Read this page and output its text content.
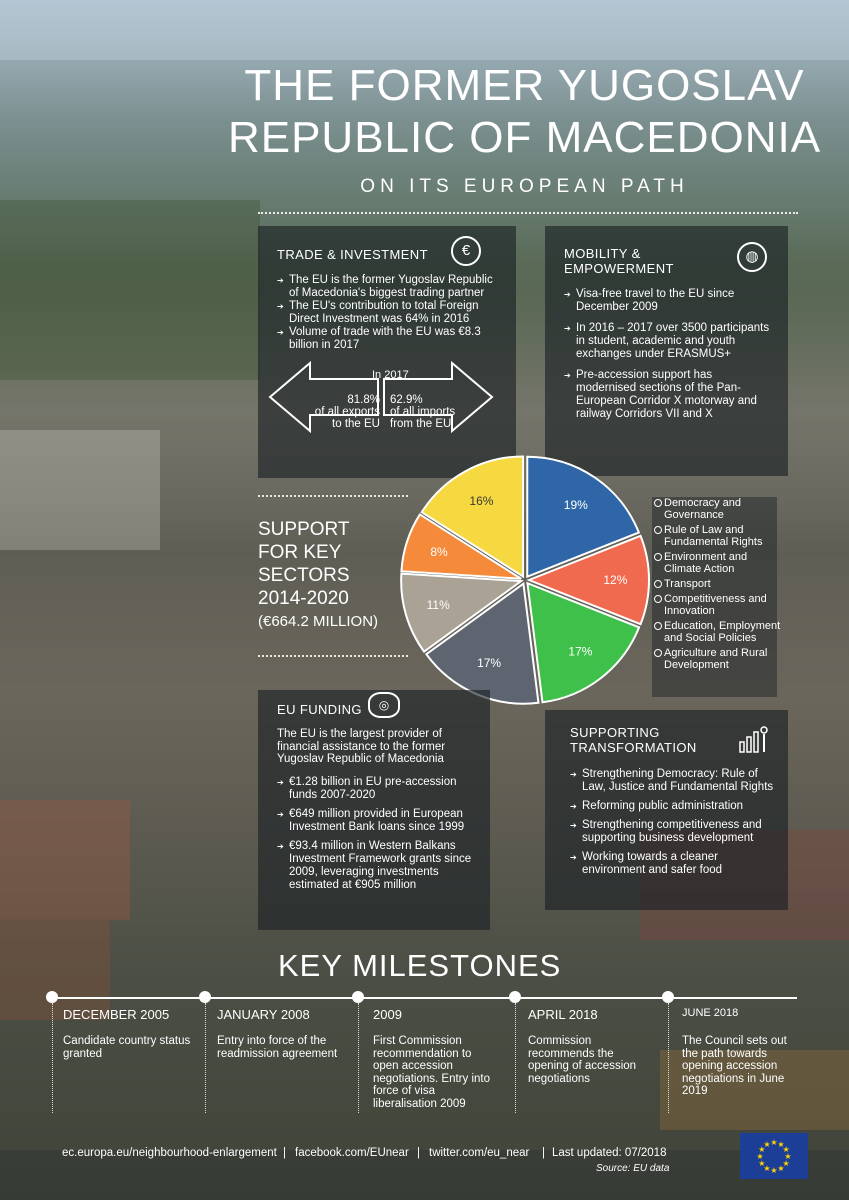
THE FORMER YUGOSLAV
REPUBLIC OF MACEDONIA
ON ITS EUROPEAN PATH
TRADE & INVESTMENT	€
➔ The EU is the former Yugoslav Republic of Macedonia's biggest trading partner
➔ The EU's contribution to total Foreign Direct Investment was 64% in 2016
➔ Volume of trade with the EU was €8.3 billion in 2017
In 2017
81.8%
of all exports
to the EU
62.9%
of all imports
from the EU
MOBILITY &
EMPOWERMENT
◍
➔ Visa-free travel to the EU since December 2009
➔ In 2016 – 2017 over 3500 participants in student, academic and youth exchanges under ERASMUS+
➔ Pre-accession support has modernised sections of the Pan-European Corridor X motorway and railway Corridors VII and X
SUPPORT
FOR KEY
SECTORS
2014-2020
(€664.2 MILLION)
19%
12%
17%
17%
11%
8%
16%	Democracy and Governance
Rule of Law and Fundamental Rights
Environment and Climate Action
Transport
Competitiveness and Innovation
Education, Employment and Social Policies
Agriculture and Rural Development
EU FUNDING	◎
The EU is the largest provider of financial assistance to the former Yugoslav Republic of Macedonia
➔ €1.28 billion in EU pre-accession funds 2007-2020
➔ €649 million provided in European Investment Bank loans since 1999
➔ €93.4 million in Western Balkans Investment Framework grants since 2009, leveraging investments estimated at €905 million
SUPPORTING
TRANSFORMATION
➔ Strengthening Democracy: Rule of Law, Justice and Fundamental Rights
➔ Reforming public administration
➔ Strengthening competitiveness and supporting business development
➔ Working towards a cleaner environment and safer food
KEY MILESTONES
DECEMBER 2005
Candidate country status granted
JANUARY 2008
Entry into force of the readmission agreement
2009
First Commission recommendation to open accession negotiations. Entry into force of visa liberalisation 2009
APRIL 2018
Commission recommends the opening of accession negotiations
JUNE 2018
The Council sets out the path towards opening accession negotiations in June 2019
ec.europa.eu/neighbourhood-enlargement | facebook.com/EUnear | twitter.com/eu_near | Last updated: 07/2018
Source: EU data
★
★
★
★
★
★
★
★
★ ★ ★
★
